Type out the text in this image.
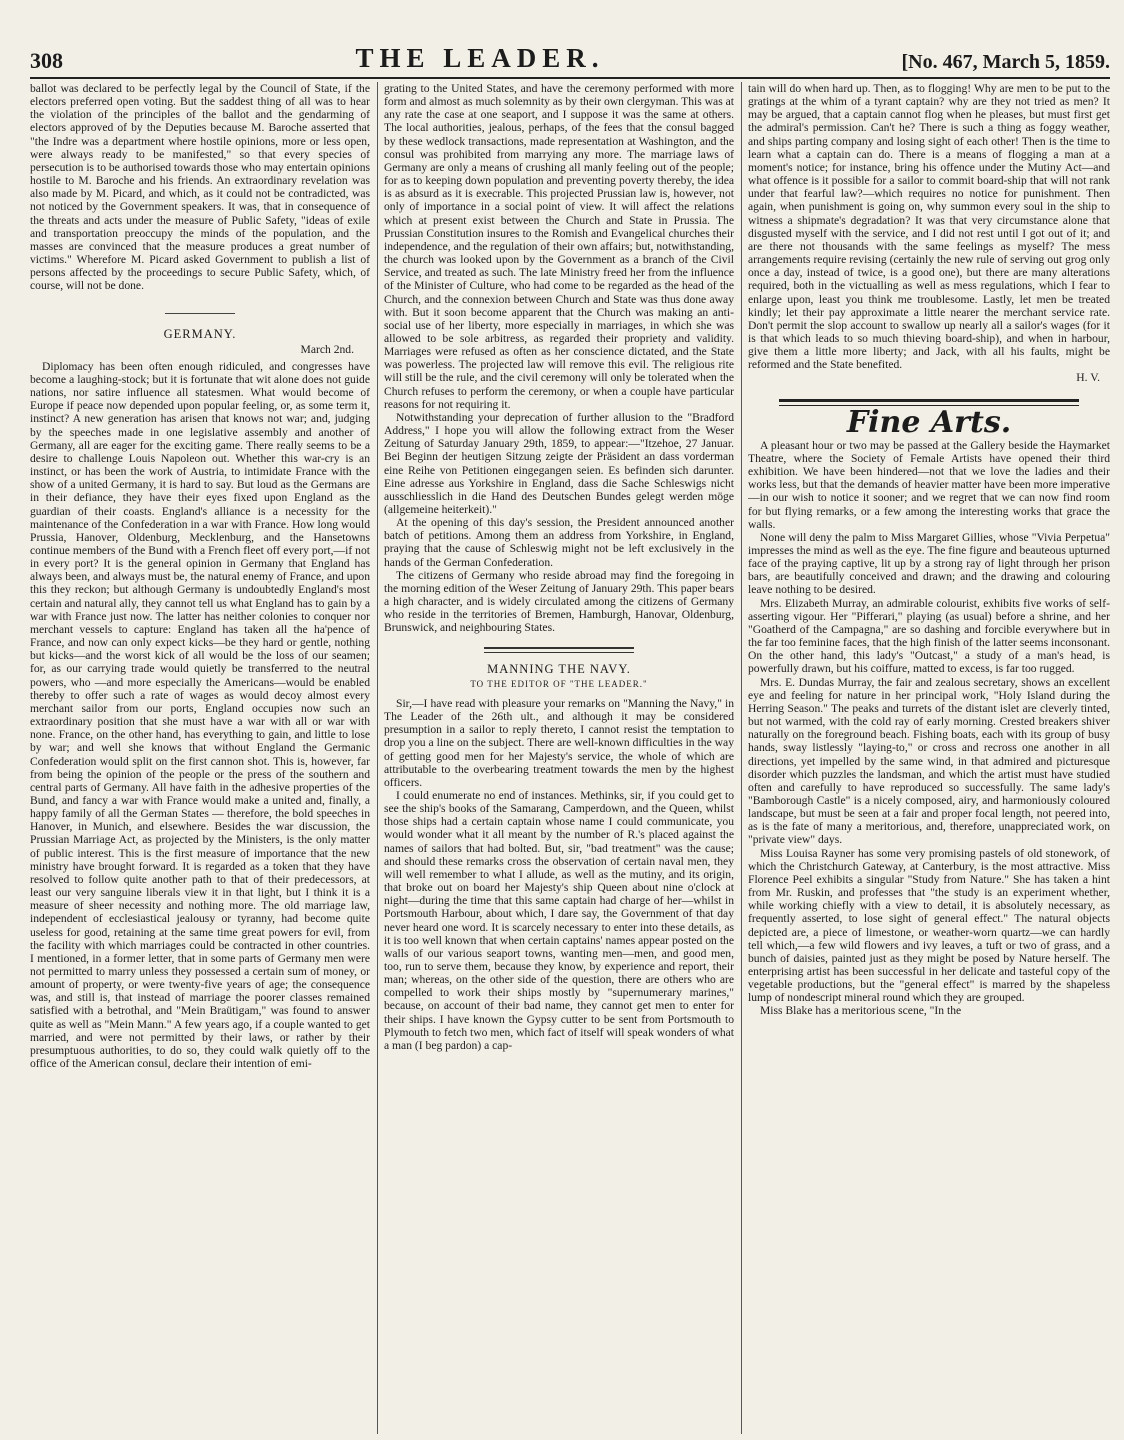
308	THE LEADER.	[No. 467, March 5, 1859.

ballot was declared to be perfectly legal by the Council of State, if the electors preferred open voting. But the saddest thing of all was to hear the violation of the principles of the ballot and the gendarming of electors approved of by the Deputies because M. Baroche asserted that "the Indre was a department where hostile opinions, more or less open, were always ready to be manifested," so that every species of persecution is to be authorised towards those who may entertain opinions hostile to M. Baroche and his friends. An extraordinary revelation was also made by M. Picard, and which, as it could not be contradicted, was not noticed by the Government speakers. It was, that in consequence of the threats and acts under the measure of Public Safety, "ideas of exile and transportation preoccupy the minds of the population, and the masses are convinced that the measure produces a great number of victims." Wherefore M. Picard asked Government to publish a list of persons affected by the proceedings to secure Public Safety, which, of course, will not be done.

GERMANY.
March 2nd.

Diplomacy has been often enough ridiculed, and congresses have become a laughing-stock; but it is fortunate that wit alone does not guide nations, nor satire influence all statesmen. What would become of Europe if peace now depended upon popular feeling, or, as some term it, instinct? A new generation has arisen that knows not war; and, judging by the speeches made in one legislative assembly and another of Germany, all are eager for the exciting game. There really seems to be a desire to challenge Louis Napoleon out. Whether this war-cry is an instinct, or has been the work of Austria, to intimidate France with the show of a united Germany, it is hard to say. But loud as the Germans are in their defiance, they have their eyes fixed upon England as the guardian of their coasts. England's alliance is a necessity for the maintenance of the Confederation in a war with France. How long would Prussia, Hanover, Oldenburg, Mecklenburg, and the Hansetowns continue members of the Bund with a French fleet off every port,—if not in every port? It is the general opinion in Germany that England has always been, and always must be, the natural enemy of France, and upon this they reckon; but although Germany is undoubtedly England's most certain and natural ally, they cannot tell us what England has to gain by a war with France just now. The latter has neither colonies to conquer nor merchant vessels to capture: England has taken all the ha'pence of France, and now can only expect kicks—be they hard or gentle, nothing but kicks—and the worst kick of all would be the loss of our seamen; for, as our carrying trade would quietly be transferred to the neutral powers, who —and more especially the Americans—would be enabled thereby to offer such a rate of wages as would decoy almost every merchant sailor from our ports, England occupies now such an extraordinary position that she must have a war with all or war with none. France, on the other hand, has everything to gain, and little to lose by war; and well she knows that without England the Germanic Confederation would split on the first cannon shot. This is, however, far from being the opinion of the people or the press of the southern and central parts of Germany. All have faith in the adhesive properties of the Bund, and fancy a war with France would make a united and, finally, a happy family of all the German States — therefore, the bold speeches in Hanover, in Munich, and elsewhere. Besides the war discussion, the Prussian Marriage Act, as projected by the Ministers, is the only matter of public interest. This is the first measure of importance that the new ministry have brought forward. It is regarded as a token that they have resolved to follow quite another path to that of their predecessors, at least our very sanguine liberals view it in that light, but I think it is a measure of sheer necessity and nothing more. The old marriage law, independent of ecclesiastical jealousy or tyranny, had become quite useless for good, retaining at the same time great powers for evil, from the facility with which marriages could be contracted in other countries. I mentioned, in a former letter, that in some parts of Germany men were not permitted to marry unless they possessed a certain sum of money, or amount of property, or were twenty-five years of age; the consequence was, and still is, that instead of marriage the poorer classes remained satisfied with a betrothal, and "Mein Braütigam," was found to answer quite as well as "Mein Mann." A few years ago, if a couple wanted to get married, and were not permitted by their laws, or rather by their presumptuous authorities, to do so, they could walk quietly off to the office of the American consul, declare their intention of emi-

grating to the United States, and have the ceremony performed with more form and almost as much solemnity as by their own clergyman. This was at any rate the case at one seaport, and I suppose it was the same at others. The local authorities, jealous, perhaps, of the fees that the consul bagged by these wedlock transactions, made representation at Washington, and the consul was prohibited from marrying any more. The marriage laws of Germany are only a means of crushing all manly feeling out of the people; for as to keeping down population and preventing poverty thereby, the idea is as absurd as it is execrable. This projected Prussian law is, however, not only of importance in a social point of view. It will affect the relations which at present exist between the Church and State in Prussia. The Prussian Constitution insures to the Romish and Evangelical churches their independence, and the regulation of their own affairs; but, notwithstanding, the church was looked upon by the Government as a branch of the Civil Service, and treated as such. The late Ministry freed her from the influence of the Minister of Culture, who had come to be regarded as the head of the Church, and the connexion between Church and State was thus done away with. But it soon become apparent that the Church was making an anti-social use of her liberty, more especially in marriages, in which she was allowed to be sole arbitress, as regarded their propriety and validity. Marriages were refused as often as her conscience dictated, and the State was powerless. The projected law will remove this evil. The religious rite will still be the rule, and the civil ceremony will only be tolerated when the Church refuses to perform the ceremony, or when a couple have particular reasons for not requiring it.

Notwithstanding your deprecation of further allusion to the "Bradford Address," I hope you will allow the following extract from the Weser Zeitung of Saturday January 29th, 1859, to appear:—"Itzehoe, 27 Januar. Bei Beginn der heutigen Sitzung zeigte der Präsident an dass vorderman eine Reihe von Petitionen eingegangen seien. Es befinden sich darunter. Eine adresse aus Yorkshire in England, dass die Sache Schleswigs nicht ausschliesslich in die Hand des Deutschen Bundes gelegt werden möge (allgemeine heiterkeit)."

At the opening of this day's session, the President announced another batch of petitions. Among them an address from Yorkshire, in England, praying that the cause of Schleswig might not be left exclusively in the hands of the German Confederation.

The citizens of Germany who reside abroad may find the foregoing in the morning edition of the Weser Zeitung of January 29th. This paper bears a high character, and is widely circulated among the citizens of Germany who reside in the territories of Bremen, Hamburgh, Hanovar, Oldenburg, Brunswick, and neighbouring States.

MANNING THE NAVY.
TO THE EDITOR OF "THE LEADER."

Sir,—I have read with pleasure your remarks on "Manning the Navy," in The Leader of the 26th ult., and although it may be considered presumption in a sailor to reply thereto, I cannot resist the temptation to drop you a line on the subject. There are well-known difficulties in the way of getting good men for her Majesty's service, the whole of which are attributable to the overbearing treatment towards the men by the highest officers.

I could enumerate no end of instances. Methinks, sir, if you could get to see the ship's books of the Samarang, Camperdown, and the Queen, whilst those ships had a certain captain whose name I could communicate, you would wonder what it all meant by the number of R.'s placed against the names of sailors that had bolted. But, sir, "bad treatment" was the cause; and should these remarks cross the observation of certain naval men, they will well remember to what I allude, as well as the mutiny, and its origin, that broke out on board her Majesty's ship Queen about nine o'clock at night—during the time that this same captain had charge of her—whilst in Portsmouth Harbour, about which, I dare say, the Government of that day never heard one word. It is scarcely necessary to enter into these details, as it is too well known that when certain captains' names appear posted on the walls of our various seaport towns, wanting men—men, and good men, too, run to serve them, because they know, by experience and report, their man; whereas, on the other side of the question, there are others who are compelled to work their ships mostly by "supernumerary marines," because, on account of their bad name, they cannot get men to enter for their ships. I have known the Gypsy cutter to be sent from Portsmouth to Plymouth to fetch two men, which fact of itself will speak wonders of what a man (I beg pardon) a cap-

tain will do when hard up. Then, as to flogging! Why are men to be put to the gratings at the whim of a tyrant captain? why are they not tried as men? It may be argued, that a captain cannot flog when he pleases, but must first get the admiral's permission. Can't he? There is such a thing as foggy weather, and ships parting company and losing sight of each other! Then is the time to learn what a captain can do. There is a means of flogging a man at a moment's notice; for instance, bring his offence under the Mutiny Act—and what offence is it possible for a sailor to commit board-ship that will not rank under that fearful law?—which requires no notice for punishment. Then again, when punishment is going on, why summon every soul in the ship to witness a shipmate's degradation? It was that very circumstance alone that disgusted myself with the service, and I did not rest until I got out of it; and are there not thousands with the same feelings as myself? The mess arrangements require revising (certainly the new rule of serving out grog only once a day, instead of twice, is a good one), but there are many alterations required, both in the victualling as well as mess regulations, which I fear to enlarge upon, least you think me troublesome. Lastly, let men be treated kindly; let their pay approximate a little nearer the merchant service rate. Don't permit the slop account to swallow up nearly all a sailor's wages (for it is that which leads to so much thieving board-ship), and when in harbour, give them a little more liberty; and Jack, with all his faults, might be reformed and the State benefited.

H. V.
Fine Arts.

A pleasant hour or two may be passed at the Gallery beside the Haymarket Theatre, where the Society of Female Artists have opened their third exhibition. We have been hindered—not that we love the ladies and their works less, but that the demands of heavier matter have been more imperative—in our wish to notice it sooner; and we regret that we can now find room for but flying remarks, or a few among the interesting works that grace the walls.

None will deny the palm to Miss Margaret Gillies, whose "Vivia Perpetua" impresses the mind as well as the eye. The fine figure and beauteous upturned face of the praying captive, lit up by a strong ray of light through her prison bars, are beautifully conceived and drawn; and the drawing and colouring leave nothing to be desired.

Mrs. Elizabeth Murray, an admirable colourist, exhibits five works of self-asserting vigour. Her "Pifferari," playing (as usual) before a shrine, and her "Goatherd of the Campagna," are so dashing and forcible everywhere but in the far too feminine faces, that the high finish of the latter seems inconsonant. On the other hand, this lady's "Outcast," a study of a man's head, is powerfully drawn, but his coiffure, matted to excess, is far too rugged.

Mrs. E. Dundas Murray, the fair and zealous secretary, shows an excellent eye and feeling for nature in her principal work, "Holy Island during the Herring Season." The peaks and turrets of the distant islet are cleverly tinted, but not warmed, with the cold ray of early morning. Crested breakers shiver naturally on the foreground beach. Fishing boats, each with its group of busy hands, sway listlessly "laying-to," or cross and recross one another in all directions, yet impelled by the same wind, in that admired and picturesque disorder which puzzles the landsman, and which the artist must have studied often and carefully to have reproduced so successfully. The same lady's "Bamborough Castle" is a nicely composed, airy, and harmoniously coloured landscape, but must be seen at a fair and proper focal length, not peered into, as is the fate of many a meritorious, and, therefore, unappreciated work, on "private view" days.

Miss Louisa Rayner has some very promising pastels of old stonework, of which the Christchurch Gateway, at Canterbury, is the most attractive. Miss Florence Peel exhibits a singular "Study from Nature." She has taken a hint from Mr. Ruskin, and professes that "the study is an experiment whether, while working chiefly with a view to detail, it is absolutely necessary, as frequently asserted, to lose sight of general effect." The natural objects depicted are, a piece of limestone, or weather-worn quartz—we can hardly tell which,—a few wild flowers and ivy leaves, a tuft or two of grass, and a bunch of daisies, painted just as they might be posed by Nature herself. The enterprising artist has been successful in her delicate and tasteful copy of the vegetable productions, but the "general effect" is marred by the shapeless lump of nondescript mineral round which they are grouped.

Miss Blake has a meritorious scene, "In the
